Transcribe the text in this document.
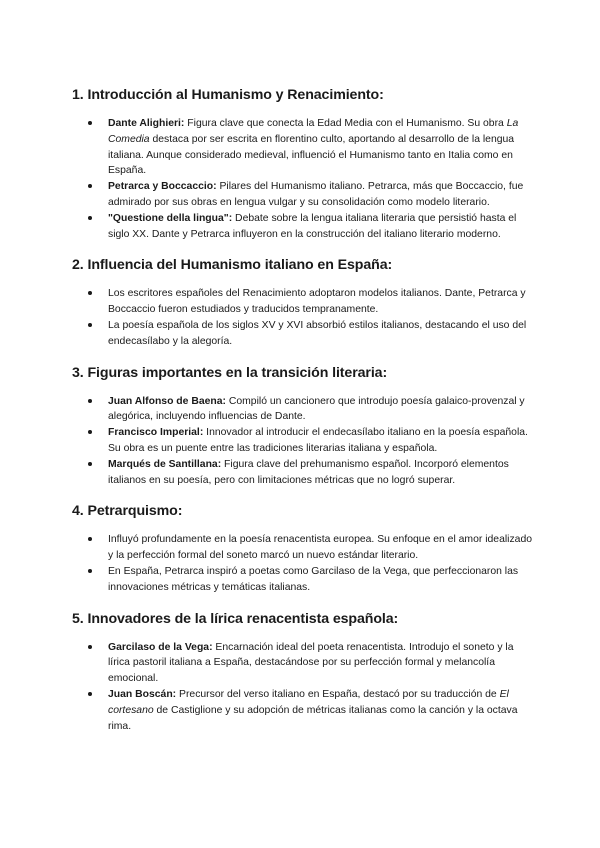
1. Introducción al Humanismo y Renacimiento:
Dante Alighieri: Figura clave que conecta la Edad Media con el Humanismo. Su obra La Comedia destaca por ser escrita en florentino culto, aportando al desarrollo de la lengua italiana. Aunque considerado medieval, influenció el Humanismo tanto en Italia como en España.
Petrarca y Boccaccio: Pilares del Humanismo italiano. Petrarca, más que Boccaccio, fue admirado por sus obras en lengua vulgar y su consolidación como modelo literario.
"Questione della lingua": Debate sobre la lengua italiana literaria que persistió hasta el siglo XX. Dante y Petrarca influyeron en la construcción del italiano literario moderno.
2. Influencia del Humanismo italiano en España:
Los escritores españoles del Renacimiento adoptaron modelos italianos. Dante, Petrarca y Boccaccio fueron estudiados y traducidos tempranamente.
La poesía española de los siglos XV y XVI absorbió estilos italianos, destacando el uso del endecasílabo y la alegoría.
3. Figuras importantes en la transición literaria:
Juan Alfonso de Baena: Compiló un cancionero que introdujo poesía galaico-provenzal y alegórica, incluyendo influencias de Dante.
Francisco Imperial: Innovador al introducir el endecasílabo italiano en la poesía española. Su obra es un puente entre las tradiciones literarias italiana y española.
Marqués de Santillana: Figura clave del prehumanismo español. Incorporó elementos italianos en su poesía, pero con limitaciones métricas que no logró superar.
4. Petrarquismo:
Influyó profundamente en la poesía renacentista europea. Su enfoque en el amor idealizado y la perfección formal del soneto marcó un nuevo estándar literario.
En España, Petrarca inspiró a poetas como Garcilaso de la Vega, que perfeccionaron las innovaciones métricas y temáticas italianas.
5. Innovadores de la lírica renacentista española:
Garcilaso de la Vega: Encarnación ideal del poeta renacentista. Introdujo el soneto y la lírica pastoril italiana a España, destacándose por su perfección formal y melancolía emocional.
Juan Boscán: Precursor del verso italiano en España, destacó por su traducción de El cortesano de Castiglione y su adopción de métricas italianas como la canción y la octava rima.
